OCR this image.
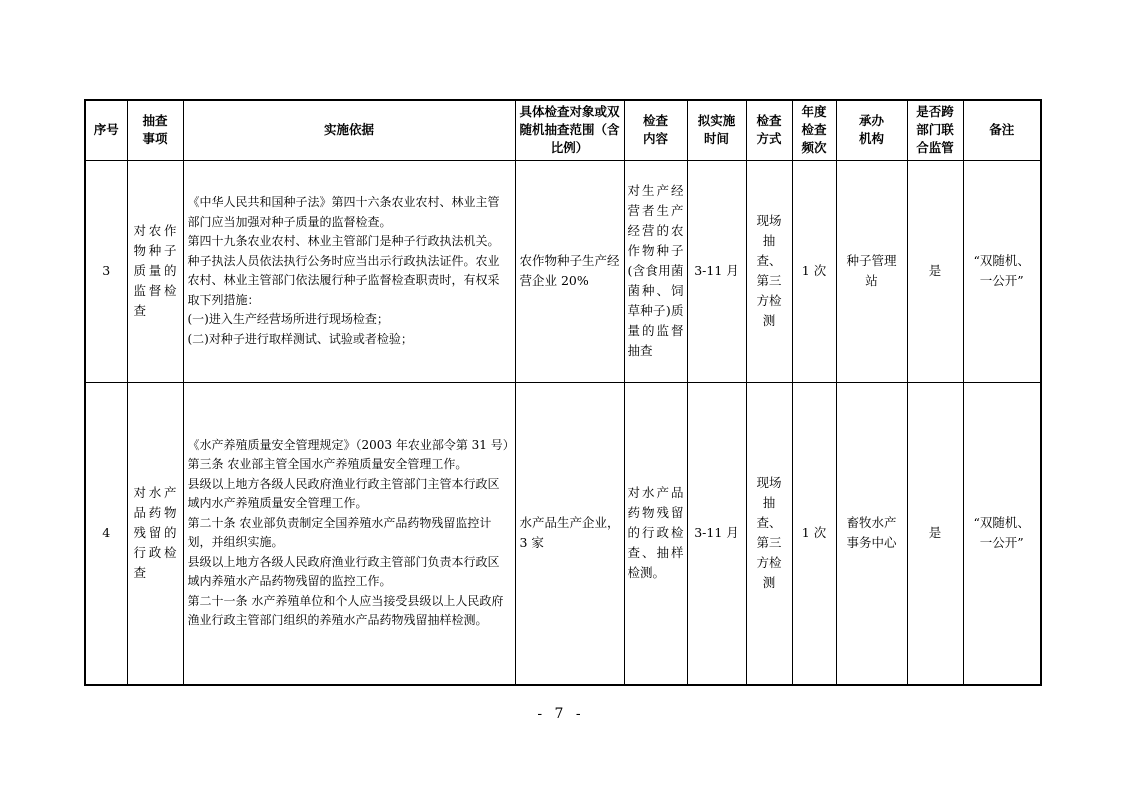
序号	抽查事项	实施依据	具体检查对象或双随机抽查范围（含比例）	检查内容	拟实施时间	检查方式	年度检查频次	承办机构	是否跨部门联合监管	备注
3	对农作物种子质量的监督检查	《中华人民共和国种子法》第四十六条农业农村、林业主管部门应当加强对种子质量的监督检查。
第四十九条农业农村、林业主管部门是种子行政执法机关。种子执法人员依法执行公务时应当出示行政执法证件。农业农村、林业主管部门依法履行种子监督检查职责时，有权采取下列措施：
(一)进入生产经营场所进行现场检查；
(二)对种子进行取样测试、试验或者检验；	农作物种子生产经营企业 20%	对生产经营者生产经营的农作物种子(含食用菌菌种、饲草种子)质量的监督抽查	3-11 月	现场抽查、第三方检测	1 次	种子管理站	是	“双随机、一公开”
4	对水产品药物残留的行政检查	《水产养殖质量安全管理规定》（2003 年农业部令第 31 号）第三条 农业部主管全国水产养殖质量安全管理工作。
县级以上地方各级人民政府渔业行政主管部门主管本行政区域内水产养殖质量安全管理工作。
第二十条 农业部负责制定全国养殖水产品药物残留监控计划，并组织实施。
县级以上地方各级人民政府渔业行政主管部门负责本行政区域内养殖水产品药物残留的监控工作。
第二十一条 水产养殖单位和个人应当接受县级以上人民政府渔业行政主管部门组织的养殖水产品药物残留抽样检测。	水产品生产企业，3 家	对水产品药物残留的行政检查、抽样检测。	3-11 月	现场抽查、第三方检测	1 次	畜牧水产事务中心	是	“双随机、一公开”
- 7 -
